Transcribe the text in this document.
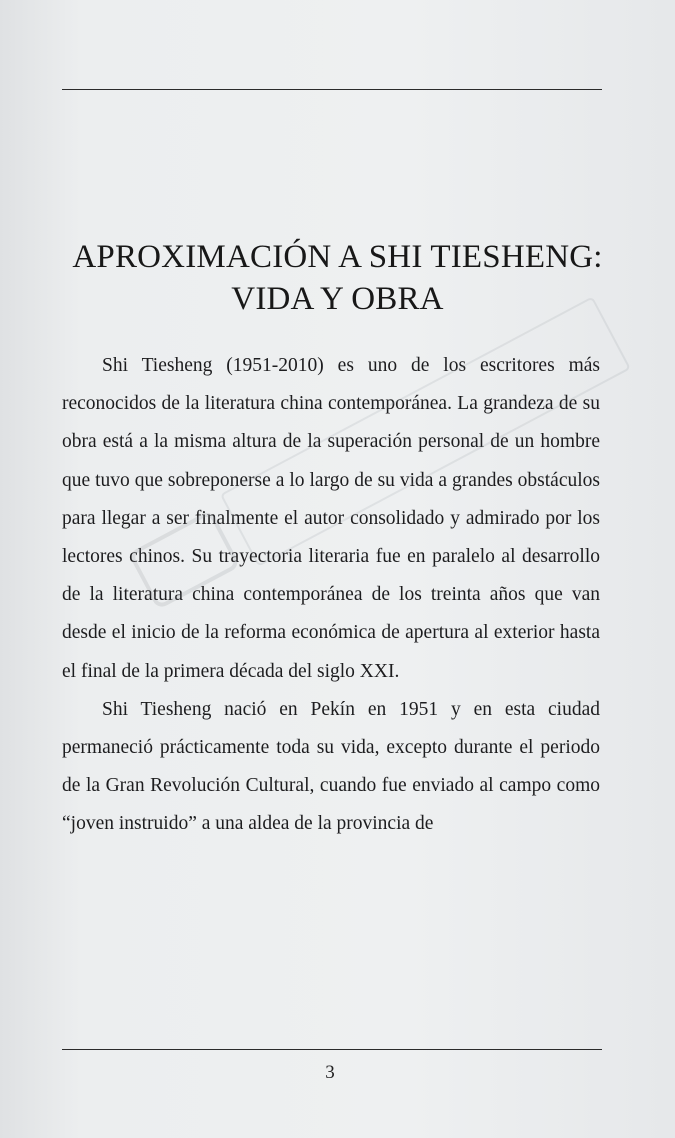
APROXIMACIÓN A SHI TIESHENG:
VIDA Y OBRA

Shi Tiesheng (1951-2010) es uno de los escritores más reconocidos de la literatura china contemporánea. La grandeza de su obra está a la misma altura de la superación personal de un hombre que tuvo que sobreponerse a lo largo de su vida a grandes obstáculos para llegar a ser finalmente el autor consolidado y admirado por los lectores chinos. Su trayectoria literaria fue en paralelo al desarrollo de la literatura china contemporánea de los treinta años que van desde el inicio de la reforma económica de apertura al exterior hasta el final de la primera década del siglo XXI.

Shi Tiesheng nació en Pekín en 1951 y en esta ciudad permaneció prácticamente toda su vida, excepto durante el periodo de la Gran Revolución Cultural, cuando fue enviado al campo como “joven instruido” a una aldea de la provincia de

3
